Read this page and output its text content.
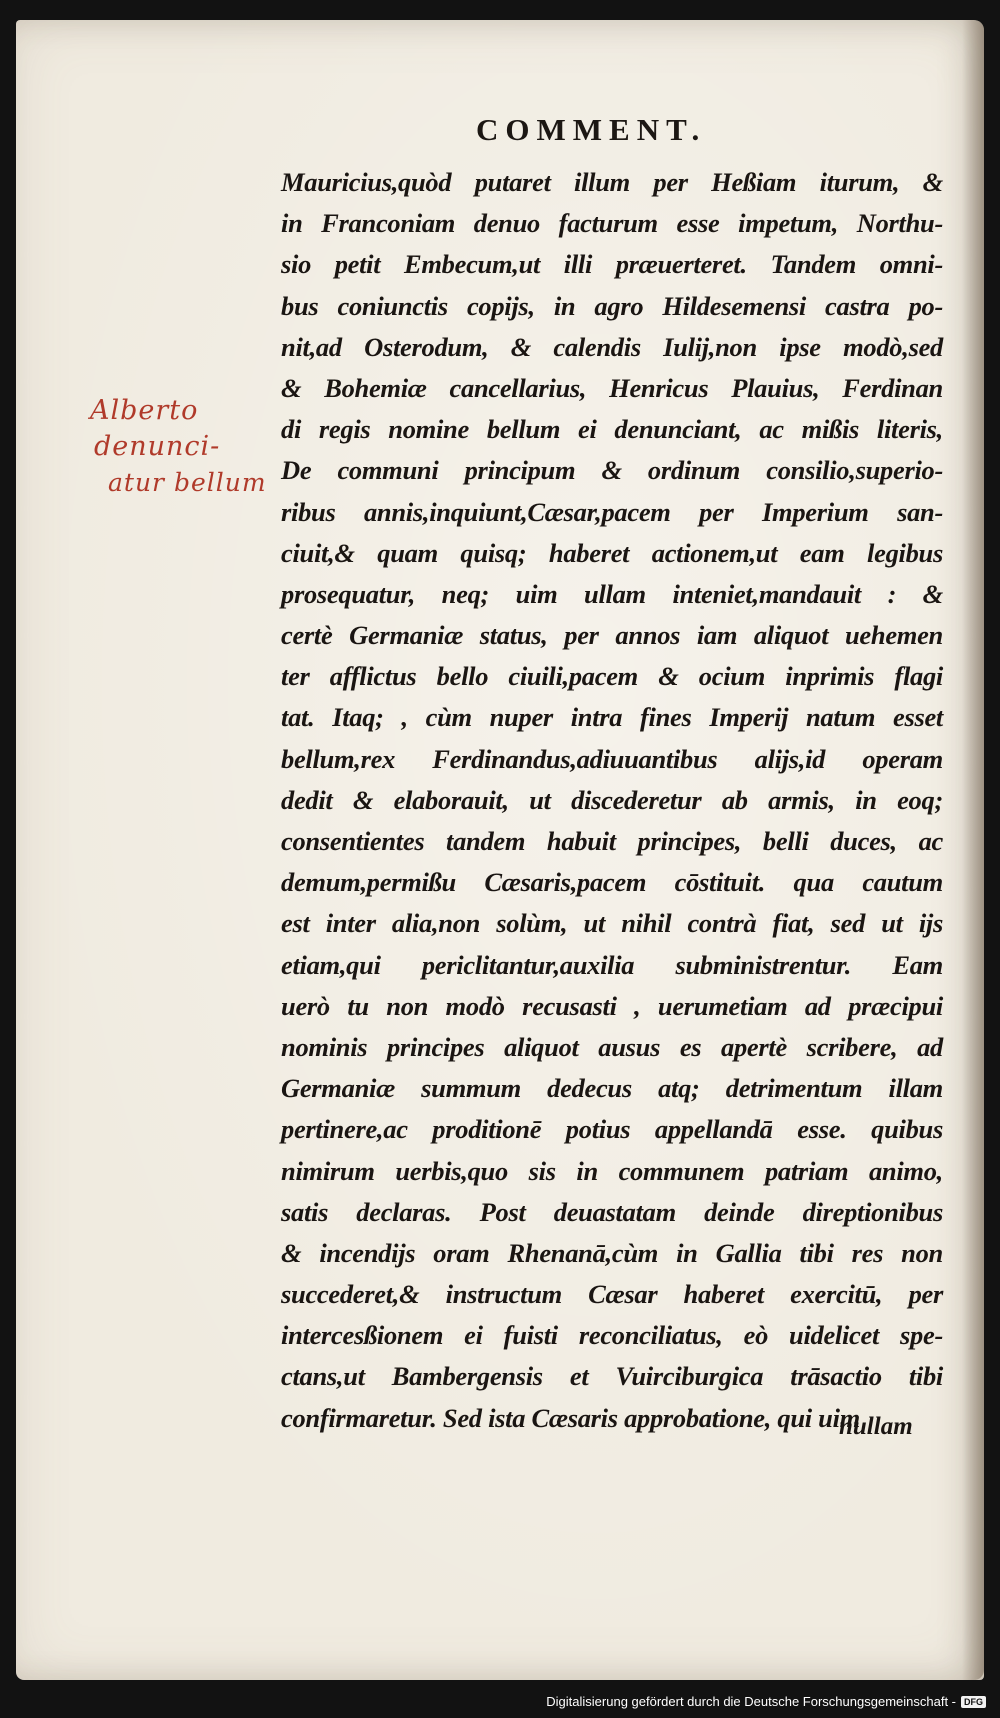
COMMENT.
Alberto
denunci-
atur bellum
Mauricius,quòd putaret illum per Heßiam iturum, &
in Franconiam denuo facturum esse impetum, Northu-
sio petit Embecum,ut illi præuerteret. Tandem omni-
bus coniunctis copijs, in agro Hildesemensi castra po-
nit,ad Osterodum, & calendis Iulij,non ipse modò,sed
& Bohemiæ cancellarius, Henricus Plauius, Ferdinan
di regis nomine bellum ei denunciant, ac mißis literis,
De communi principum & ordinum consilio,superio-
ribus annis,inquiunt,Cæsar,pacem per Imperium san-
ciuit,& quam quisq; haberet actionem,ut eam legibus
prosequatur, neq; uim ullam inteniet,mandauit : &
certè Germaniæ status, per annos iam aliquot uehemen
ter afflictus bello ciuili,pacem & ocium inprimis flagi
tat. Itaq; , cùm nuper intra fines Imperij natum esset
bellum,rex Ferdinandus,adiuuantibus alijs,id operam
dedit & elaborauit, ut discederetur ab armis, in eoq;
consentientes tandem habuit principes, belli duces, ac
demum,permißu Cæsaris,pacem cōstituit. qua cautum
est inter alia,non solùm, ut nihil contrà fiat, sed ut ijs
etiam,qui periclitantur,auxilia subministrentur. Eam
uerò tu non modò recusasti , uerumetiam ad præcipui
nominis principes aliquot ausus es apertè scribere, ad
Germaniæ summum dedecus atq; detrimentum illam
pertinere,ac proditionē potius appellandā esse. quibus
nimirum uerbis,quo sis in communem patriam animo,
satis declaras. Post deuastatam deinde direptionibus
& incendijs oram Rhenanā,cùm in Gallia tibi res non
succederet,& instructum Cæsar haberet exercitū, per
intercesßionem ei fuisti reconciliatus, eò uidelicet spe-
ctans,ut Bambergensis et Vuirciburgica trāsactio tibi
confirmaretur. Sed ista Cæsaris approbatione, qui uim
nullam
Digitalisierung gefördert durch die Deutsche Forschungsgemeinschaft - DFG
